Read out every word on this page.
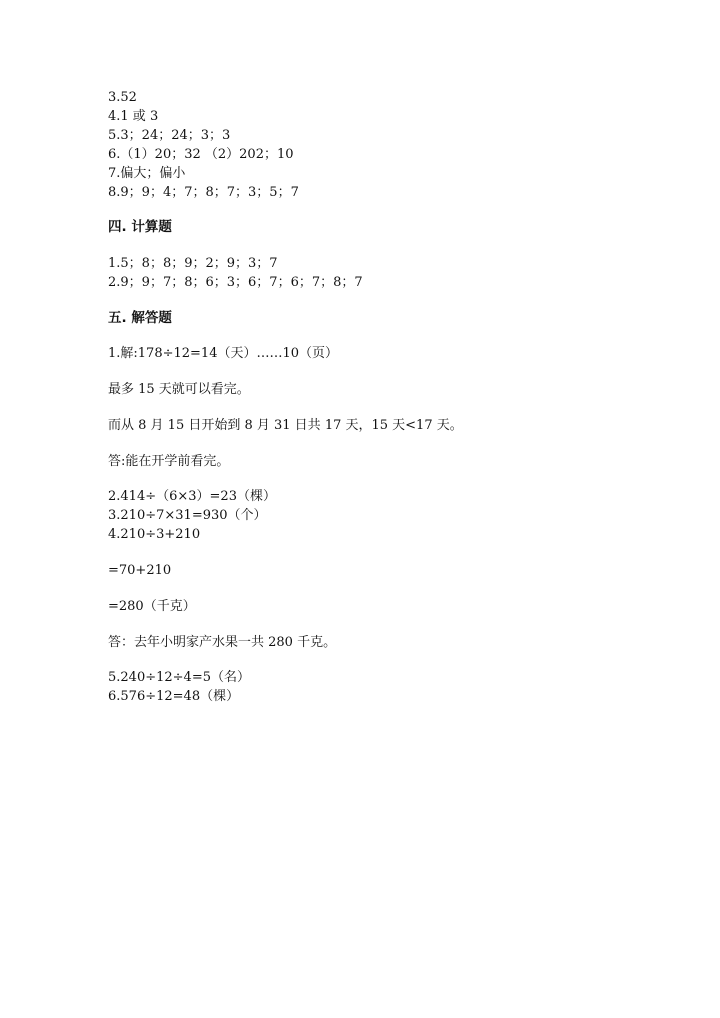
3.52
4.1 或 3
5.3；24；24；3；3
6.（1）20；32 （2）202；10
7.偏大；偏小
8.9；9；4；7；8；7；3；5；7
四. 计算题
1.5；8；8；9；2；9；3；7
2.9；9；7；8；6；3；6；7；6；7；8；7
五. 解答题
1.解:178÷12=14（天）……10（页）
最多 15 天就可以看完。
而从 8 月 15 日开始到 8 月 31 日共 17 天，15 天<17 天。
答:能在开学前看完。
2.414÷（6×3）=23（棵）
3.210÷7×31=930（个）
4.210÷3+210
=70+210
=280（千克）
答：去年小明家产水果一共 280 千克。
5.240÷12÷4=5（名）
6.576÷12=48（棵）
